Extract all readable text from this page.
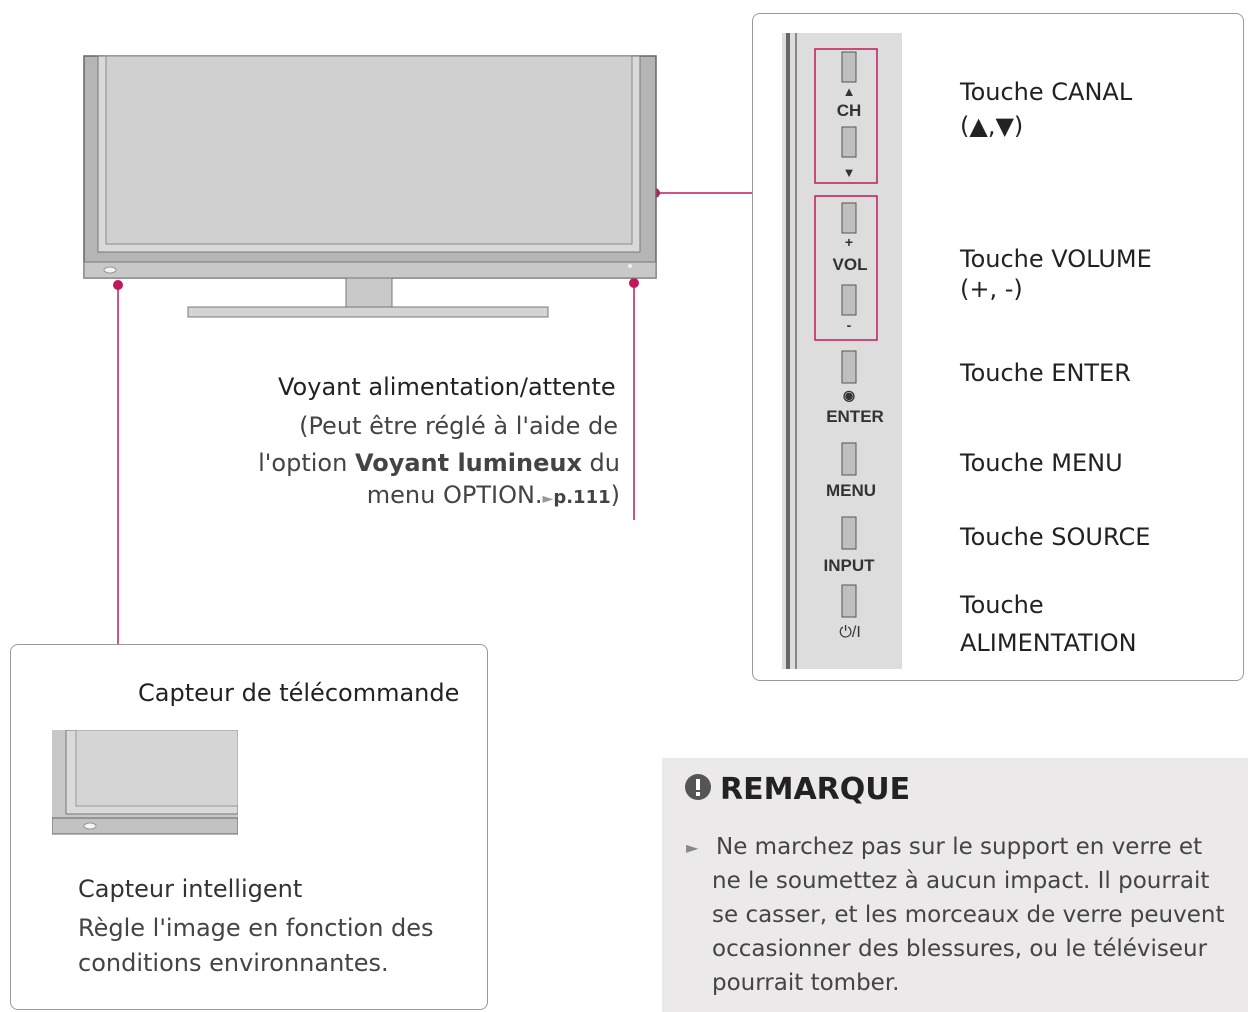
▲
CH
▼
+
VOL
-
◉
ENTER
MENU
INPUT
⏻/I
Touche CANAL
(▲,▼)
Touche VOLUME
(+, -)
Touche ENTER
Touche MENU
Touche SOURCE
Touche
ALIMENTATION
Voyant alimentation/attente
(Peut être réglé à l'aide de
l'option Voyant lumineux du
menu OPTION.►p.111)
Capteur de télécommande
Capteur intelligent
Règle l'image en fonction des
conditions environnantes.
REMARQUE
► Ne marchez pas sur le support en verre et
ne le soumettez à aucun impact. Il pourrait
se casser, et les morceaux de verre peuvent
occasionner des blessures, ou le téléviseur
pourrait tomber.
